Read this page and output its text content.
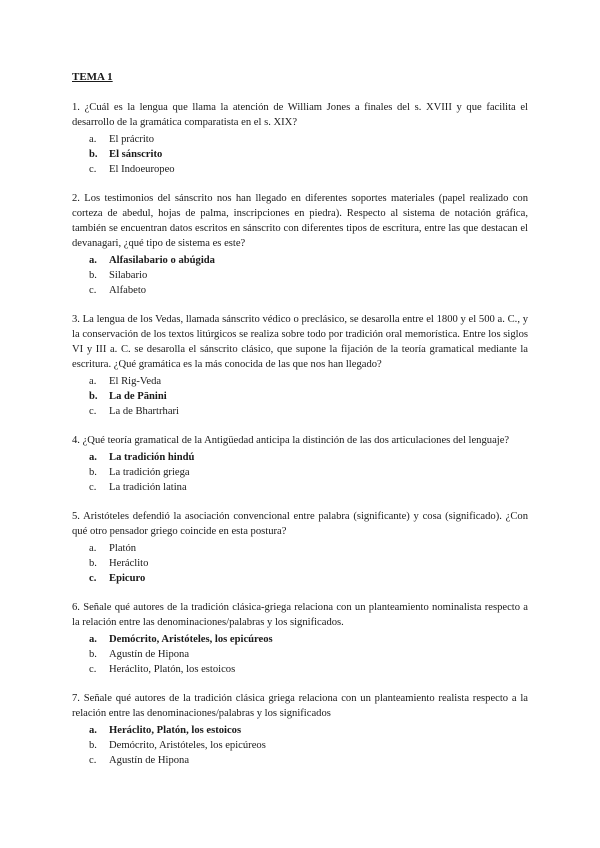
TEMA 1
1. ¿Cuál es la lengua que llama la atención de William Jones a finales del s. XVIII y que facilita el desarrollo de la gramática comparatista en el s. XIX?
a.	El prácrito
b.	El sánscrito
c.	El Indoeuropeo
2. Los testimonios del sánscrito nos han llegado en diferentes soportes materiales (papel realizado con corteza de abedul, hojas de palma, inscripciones en piedra). Respecto al sistema de notación gráfica, también se encuentran datos escritos en sánscrito con diferentes tipos de escritura, entre las que destacan el devanagari, ¿qué tipo de sistema es este?
a.	Alfasilabario o abúgida
b.	Silabario
c.	Alfabeto
3. La lengua de los Vedas, llamada sánscrito védico o preclásico, se desarolla entre el 1800 y el 500 a. C., y la conservación de los textos litúrgicos se realiza sobre todo por tradición oral memorística. Entre los siglos VI y III a. C. se desarolla el sánscrito clásico, que supone la fijación de la teoría gramatical mediante la escritura. ¿Qué gramática es la más conocida de las que nos han llegado?
a.	El Rig-Veda
b.	La de Pānini
c.	La de Bhartrhari
4. ¿Qué teoría gramatical de la Antigüedad anticipa la distinción de las dos articulaciones del lenguaje?
a.	La tradición hindú
b.	La tradición griega
c.	La tradición latina
5. Aristóteles defendió la asociación convencional entre palabra (significante) y cosa (significado). ¿Con qué otro pensador griego coincide en esta postura?
a.	Platón
b.	Heráclito
c.	Epicuro
6. Señale qué autores de la tradición clásica-griega relaciona con un planteamiento nominalista respecto a la relación entre las denominaciones/palabras y los significados.
a.	Demócrito, Aristóteles, los epicúreos
b.	Agustín de Hipona
c.	Heráclito, Platón, los estoicos
7. Señale qué autores de la tradición clásica griega relaciona con un planteamiento realista respecto a la relación entre las denominaciones/palabras y los significados
a.	Heráclito, Platón, los estoicos
b.	Demócrito, Aristóteles, los epicúreos
c.	Agustín de Hipona
